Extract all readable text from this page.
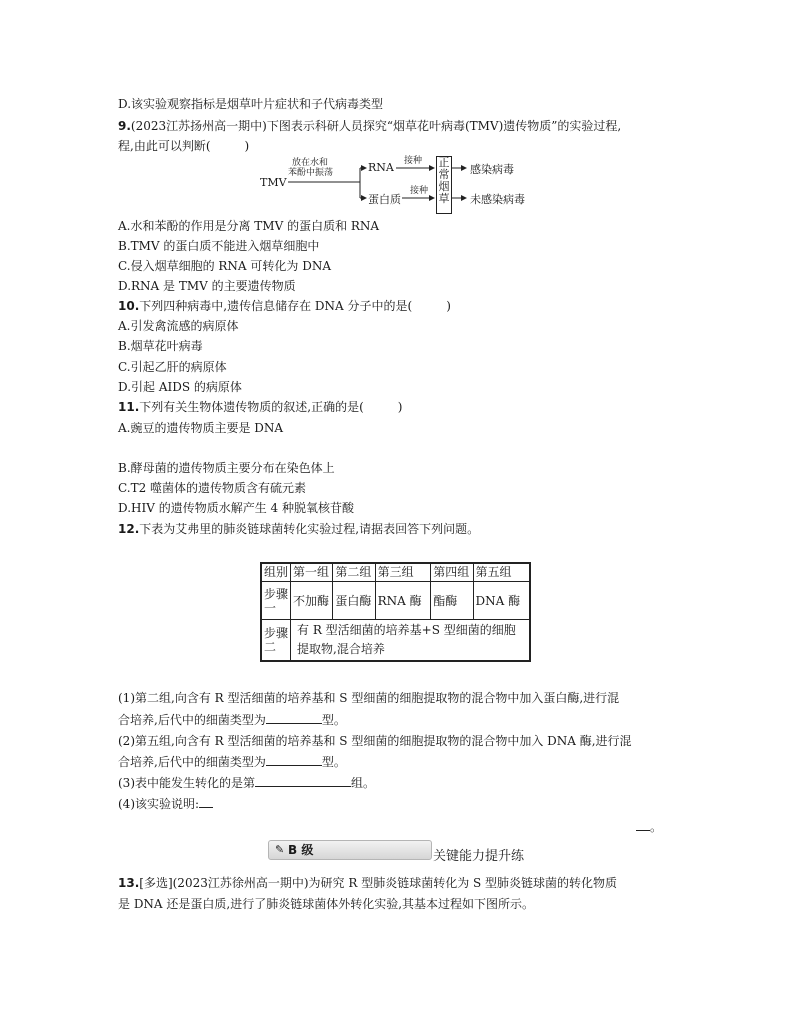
D.该实验观察指标是烟草叶片症状和子代病毒类型
9.(2023江苏扬州高一期中)下图表示科研人员探究“烟草花叶病毒(TMV)遗传物质”的实验过程,
程,由此可以判断(	)
TMV
放在水和
苯酚中振荡	RNA
蛋白质
接种
接种
正
常
烟
草
感染病毒
未感染病毒
A.水和苯酚的作用是分离 TMV 的蛋白质和 RNA
B.TMV 的蛋白质不能进入烟草细胞中
C.侵入烟草细胞的 RNA 可转化为 DNA
D.RNA 是 TMV 的主要遗传物质
10.下列四种病毒中,遗传信息储存在 DNA 分子中的是(	)
A.引发禽流感的病原体
B.烟草花叶病毒
C.引起乙肝的病原体
D.引起 AIDS 的病原体
11.下列有关生物体遗传物质的叙述,正确的是(	)
A.豌豆的遗传物质主要是 DNA
B.酵母菌的遗传物质主要分布在染色体上
C.T2 噬菌体的遗传物质含有硫元素
D.HIV 的遗传物质水解产生 4 种脱氧核苷酸
12.下表为艾弗里的肺炎链球菌转化实验过程,请据表回答下列问题。
组别	第一组	第二组	第三组	第四组	第五组
步骤一	不加酶	蛋白酶	RNA 酶	酯酶	DNA 酶
步骤二	有 R 型活细菌的培养基+S 型细菌的细胞提取物,混合培养				
(1)第二组,向含有 R 型活细菌的培养基和 S 型细菌的细胞提取物的混合物中加入蛋白酶,进行混
合培养,后代中的细菌类型为	型。
(2)第五组,向含有 R 型活细菌的培养基和 S 型细菌的细胞提取物的混合物中加入 DNA 酶,进行混
合培养,后代中的细菌类型为	型。
(3)表中能发生转化的是第	组。
(4)该实验说明:
。
✎ B 级	关键能力提升练
13.[多选](2023江苏徐州高一期中)为研究 R 型肺炎链球菌转化为 S 型肺炎链球菌的转化物质
是 DNA 还是蛋白质,进行了肺炎链球菌体外转化实验,其基本过程如下图所示。
